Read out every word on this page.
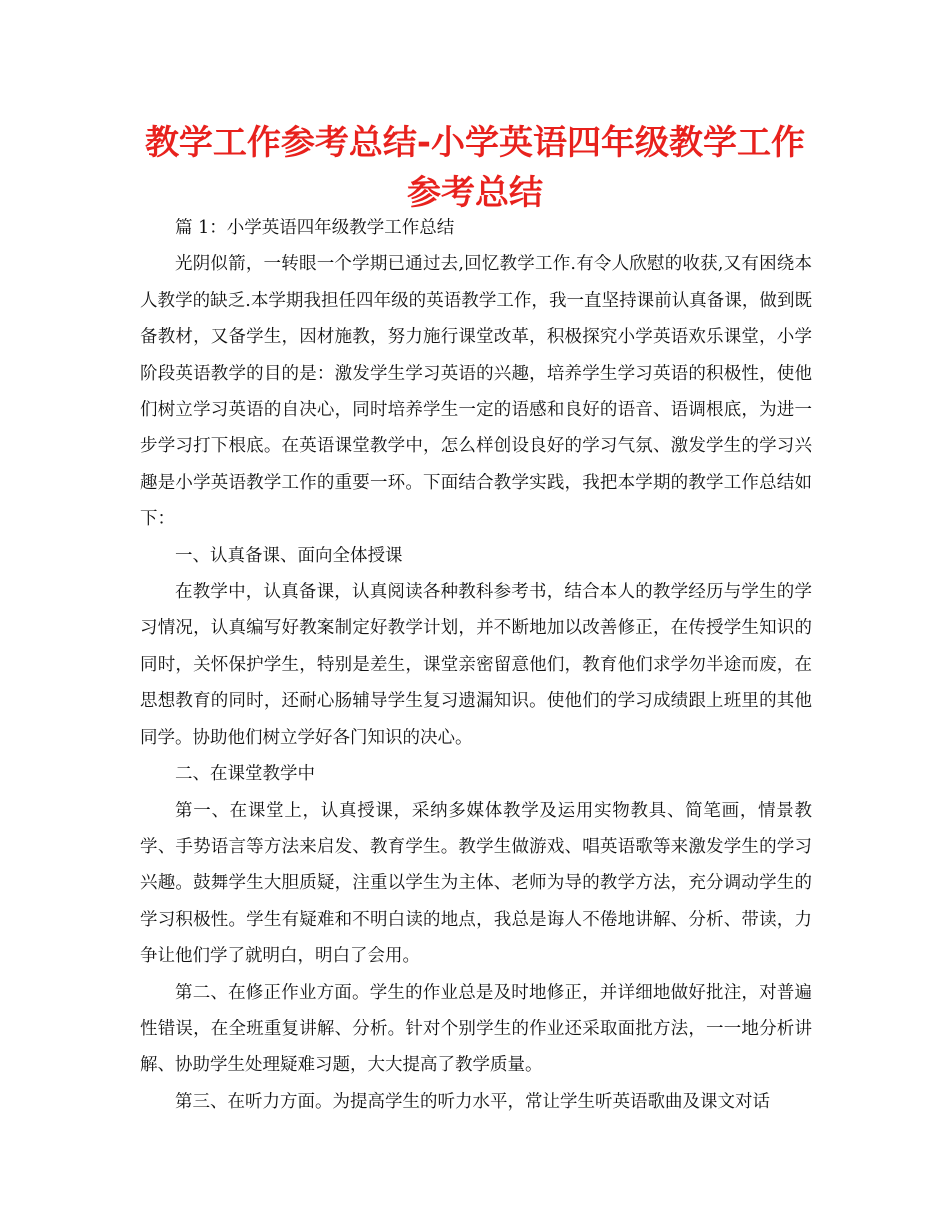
教学工作参考总结-小学英语四年级教学工作参考总结

篇 1：小学英语四年级教学工作总结

光阴似箭，一转眼一个学期已通过去,回忆教学工作.有令人欣慰的收获,又有困绕本人教学的缺乏.本学期我担任四年级的英语教学工作，我一直坚持课前认真备课，做到既备教材，又备学生，因材施教，努力施行课堂改革，积极探究小学英语欢乐课堂，小学阶段英语教学的目的是：激发学生学习英语的兴趣，培养学生学习英语的积极性，使他们树立学习英语的自决心，同时培养学生一定的语感和良好的语音、语调根底，为进一步学习打下根底。在英语课堂教学中，怎么样创设良好的学习气氛、激发学生的学习兴趣是小学英语教学工作的重要一环。下面结合教学实践，我把本学期的教学工作总结如下：

一、认真备课、面向全体授课

在教学中，认真备课，认真阅读各种教科参考书，结合本人的教学经历与学生的学习情况，认真编写好教案制定好教学计划，并不断地加以改善修正，在传授学生知识的同时，关怀保护学生，特别是差生，课堂亲密留意他们，教育他们求学勿半途而废，在思想教育的同时，还耐心肠辅导学生复习遗漏知识。使他们的学习成绩跟上班里的其他同学。协助他们树立学好各门知识的决心。

二、在课堂教学中

第一、在课堂上，认真授课，采纳多媒体教学及运用实物教具、简笔画，情景教学、手势语言等方法来启发、教育学生。教学生做游戏、唱英语歌等来激发学生的学习兴趣。鼓舞学生大胆质疑，注重以学生为主体、老师为导的教学方法，充分调动学生的学习积极性。学生有疑难和不明白读的地点，我总是诲人不倦地讲解、分析、带读，力争让他们学了就明白，明白了会用。

第二、在修正作业方面。学生的作业总是及时地修正，并详细地做好批注，对普遍性错误，在全班重复讲解、分析。针对个别学生的作业还采取面批方法，一一地分析讲解、协助学生处理疑难习题，大大提高了教学质量。

第三、在听力方面。为提高学生的听力水平，常让学生听英语歌曲及课文对话
